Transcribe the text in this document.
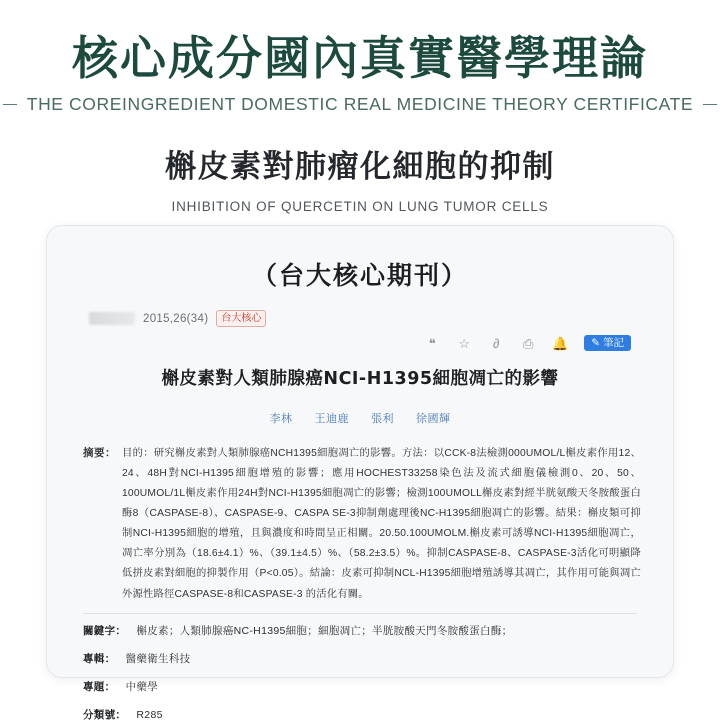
核心成分國內真實醫學理論
THE COREINGREDIENT DOMESTIC REAL MEDICINE THEORY CERTIFICATE
槲皮素對肺瘤化細胞的抑制
INHIBITION OF QUERCETIN ON LUNG TUMOR CELLS
（台大核心期刊）
2015,26(34)	台大核心
❝	☆	∂	⎙ 🔔 ✎ 筆記
槲皮素對人類肺腺癌NCI-H1395細胞凋亡的影響
李林 王迪鹿 張利 徐國輝
摘要： 目的：研究槲皮素對人類肺腺癌NCH1395細胞凋亡的影響。方法：以CCK-8法檢測000UMOL/L槲皮素作用12、24、48H對NCI-H1395細胞增殖的影響；應用HOCHEST33258染色法及流式細胞儀檢測0、20、50、100UMOL/1L槲皮素作用24H對NCI-H1395細胞凋亡的影響；檢測100UMOLL槲皮素對經半胱氨酸天冬胺酸蛋白酶8（CASPASE-8）、CASPASE-9、CASPA SE-3抑制劑處理後NC-H1395細胞凋亡的影響。結果：槲皮類可抑制NCI-H1395細胞的增殖，且與濃度和時間呈正相關。20.50.100UMOLM.槲皮素可誘導NCI-H1395細胞凋亡，凋亡率分別為（18.6±4.1）%、（39.1±4.5）%、（58.2±3.5）%。抑制CASPASE-8、CASPASE-3活化可明顯降低拼皮素對細胞的抑製作用（P<0.05）。結論：皮素可抑制NCL-H1395細胞增殖誘導其凋亡，其作用可能與凋亡外源性路徑CASPASE-8和CASPASE-3 的活化有關。
關鍵字： 槲皮素；人類肺腺癌NC-H1395細胞；細胞凋亡；半胱胺酸天門冬胺酸蛋白酶；
專輯： 醫藥衛生科技
專題： 中藥學
分類號： R285
